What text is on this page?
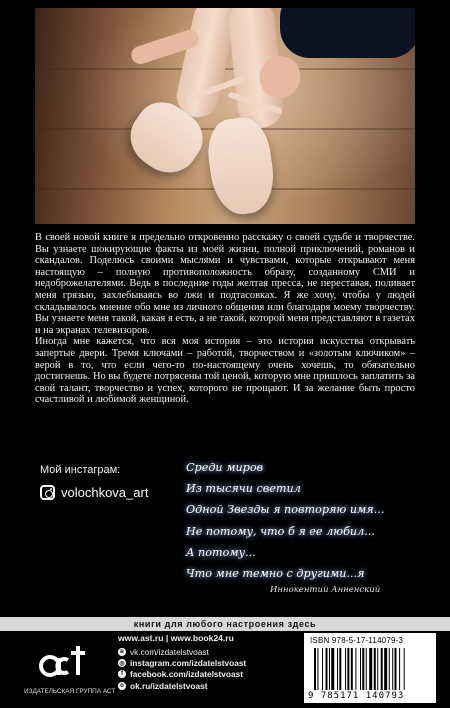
В своей новой книге я предельно откровенно расскажу о своей судьбе и творчестве. Вы узнаете шокирующие факты из моей жизни, полной приключений, романов и скандалов. Поделюсь своими мыслями и чувствами, которые открывают меня настоящую – полную противоположность образу, созданному СМИ и недоброжелателями. Ведь в последние годы желтая пресса, не переставая, поливает меня грязью, захлебываясь во лжи и подтасовках. Я же хочу, чтобы у людей складывалось мнение обо мне из личного общения или благодаря моему творчеству. Вы узнаете меня такой, какая я есть, а не такой, которой меня представляют в газетах и на экранах телевизоров.

Иногда мне кажется, что вся моя история – это история искусства открывать запертые двери. Тремя ключами – работой, творчеством и «золотым ключиком» – верой в то, что если чего-то по-настоящему очень хочешь, то обязательно достигнешь. Но вы будете потрясены той ценой, которую мне пришлось заплатить за свой талант, творчество и успех, которого не прощают. И за желание быть просто счастливой и любимой женщиной.

Мой инстаграм:
volochkova_art
Среди миров
Из тысячи светил
Одной Звезды я повторяю имя...
Не потому, что б я ее любил...
А потому...
Что мне темно с другими...я
Иннокентий Анненский
книги для любого настроения здесь
ИЗДАТЕЛЬСКАЯ ГРУППА АСТ
www.ast.ru | www.book24.ru
в vk.com/izdatelstvoast
◎ instagram.com/izdatelstvoast
f facebook.com/izdatelstvoast
о ok.ru/izdatelstvoast
ISBN 978-5-17-114079-3
9 785171 140793
